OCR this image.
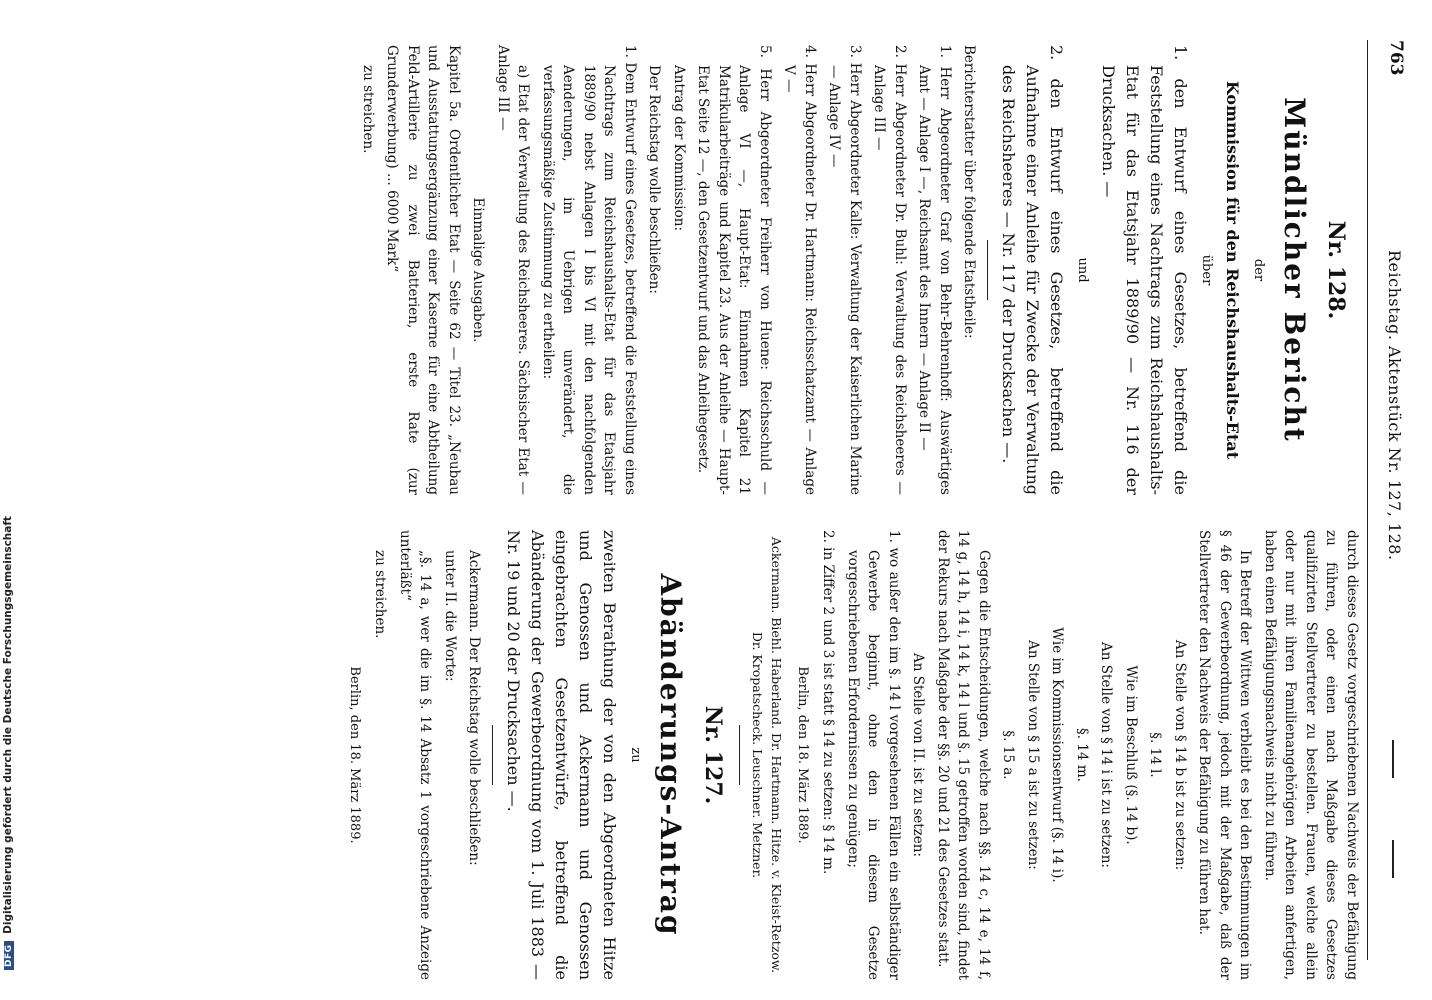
763
Reichstag. Aktenstück Nr. 127, 128.

Nr. 128.

Mündlicher Bericht

der

Kommission für den Reichshaushalts-Etat

über

1. den Entwurf eines Gesetzes, betreffend die Feststellung eines Nachtrags zum Reichshaushalts-Etat für das Etatsjahr 1889/90 — Nr. 116 der Drucksachen. —

und

2. den Entwurf eines Gesetzes, betreffend die Aufnahme einer Anleihe für Zwecke der Verwaltung des Reichsheeres — Nr. 117 der Drucksachen —.

Berichterstatter über folgende Etatstheile:

1. Herr Abgeordneter Graf von Behr-Behrenhoff: Auswärtiges Amt — Anlage I —, Reichsamt des Innern — Anlage II —

2. Herr Abgeordneter Dr. Buhl: Verwaltung des Reichsheeres — Anlage III —

3. Herr Abgeordneter Kalle: Verwaltung der Kaiserlichen Marine — Anlage IV —

4. Herr Abgeordneter Dr. Hartmann: Reichsschatzamt — Anlage V —

5. Herr Abgeordneter Freiherr von Huene: Reichsschuld — Anlage VI —, Haupt-Etat: Einnahmen Kapitel 21 Matrikularbeiträge und Kapitel 23. Aus der Anleihe — Haupt-Etat Seite 12 —, den Gesetzentwurf und das Anleihegesetz.

Antrag der Kommission:

Der Reichstag wolle beschließen:

1. Dem Entwurf eines Gesetzes, betreffend die Feststellung eines Nachtrags zum Reichshaushalts-Etat für das Etatsjahr 1889/90 nebst Anlagen I bis VI mit den nachfolgenden Aenderungen, im Uebrigen unverändert, die verfassungsmäßige Zustimmung zu ertheilen:

a) Etat der Verwaltung des Reichsheeres. Sächsischer Etat — Anlage III —

Einmalige Ausgaben.

Kapitel 5a. Ordentlicher Etat — Seite 62 — Titel 23. „Neubau und Ausstattungsergänzung einer Kaserne für eine Abtheilung Feld-Artillerie zu zwei Batterien, erste Rate (zur Grunderwerbung) ... 6000 Mark“

zu streichen.

durch dieses Gesetz vorgeschriebenen Nachweis der Befähigung zu führen, oder einen nach Maßgabe dieses Gesetzes qualifizirten Stellvertreter zu bestellen. Frauen, welche allein oder nur mit ihren Familienangehörigen Arbeiten anfertigen, haben einen Befähigungsnachweis nicht zu führen.

In Betreff der Wittwen verbleibt es bei den Bestimmungen im § 46 der Gewerbeordnung, jedoch mit der Maßgabe, daß der Stellvertreter den Nachweis der Befähigung zu führen hat.

An Stelle von § 14 b ist zu setzen:

§. 14 l.

Wie im Beschluß (§. 14 b).

An Stelle von § 14 i ist zu setzen:

§. 14 m.

Wie im Kommissionsentwurf (§. 14 i).

An Stelle von § 15 a ist zu setzen:

§. 15 a.

Gegen die Entscheidungen, welche nach §§. 14 c, 14 e, 14 f, 14 g, 14 h, 14 i, 14 k, 14 l und §. 15 getroffen worden sind, findet der Rekurs nach Maßgabe der §§. 20 und 21 des Gesetzes statt.

An Stelle von II. ist zu setzen:

1. wo außer den im §. 14 l vorgesehenen Fällen ein selbständiger Gewerbe beginnt, ohne den in diesem Gesetze vorgeschriebenen Erfordernissen zu genügen;

2. in Ziffer 2 und 3 ist statt § 14 zu setzen: § 14 m.

Berlin, den 18. März 1889.

Ackermann. Biehl. Haberland. Dr. Hartmann. Hitze. v. Kleist-Retzow. Dr. Kropatscheck. Leuschner. Metzner.

Nr. 127.

Abänderungs-Antrag

zu

zweiten Berathung der von den Abgeordneten Hitze und Genossen und Ackermann und Genossen eingebrachten Gesetzentwürfe, betreffend die Abänderung der Gewerbeordnung vom 1. Juli 1883 — Nr. 19 und 20 der Drucksachen —.

Ackermann. Der Reichstag wolle beschließen:

unter II. die Worte:

„§. 14 a, wer die im §. 14 Absatz 1 vorgeschriebene Anzeige unterläßt“

zu streichen.

Berlin, den 18. März 1889.

DFG Digitalisierung gefördert durch die Deutsche Forschungsgemeinschaft
